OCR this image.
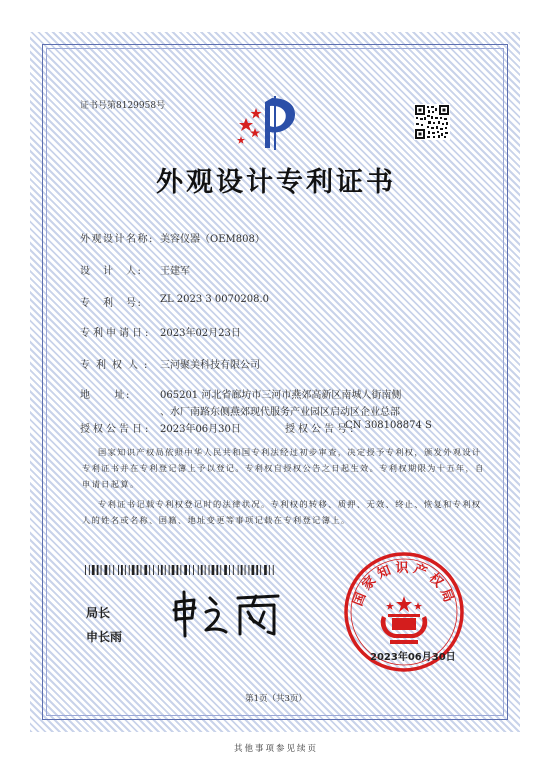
证书号第8129958号
外观设计专利证书
外观设计名称: 美容仪器（OEM808）
设　计　人: 王建军
专　利　号: ZL 2023 3 0070208.0
专利申请日: 2023年02月23日
专利权人: 三河聚美科技有限公司
地　　址:	065201 河北省廊坊市三河市燕郊高新区南城人街南侧
、水厂南路东侧燕郊现代服务产业园区启动区企业总部
授权公告日: 2023年06月30日	授权公告号:
CN 308108874 S
国家知识产权局依照中华人民共和国专利法经过初步审查，决定授予专利权，颁发外观设计
专利证书并在专利登记簿上予以登记。专利权自授权公告之日起生效。专利权期限为十五年，自
申请日起算。
专利证书记载专利权登记时的法律状况。专利权的转移、质押、无效、终止、恢复和专利权
人的姓名或名称、国籍、地址变更等事项记载在专利登记簿上。
局长
申长雨
国家知识产权局
2023年06月30日
第1页（共3页）
其他事项参见续页
